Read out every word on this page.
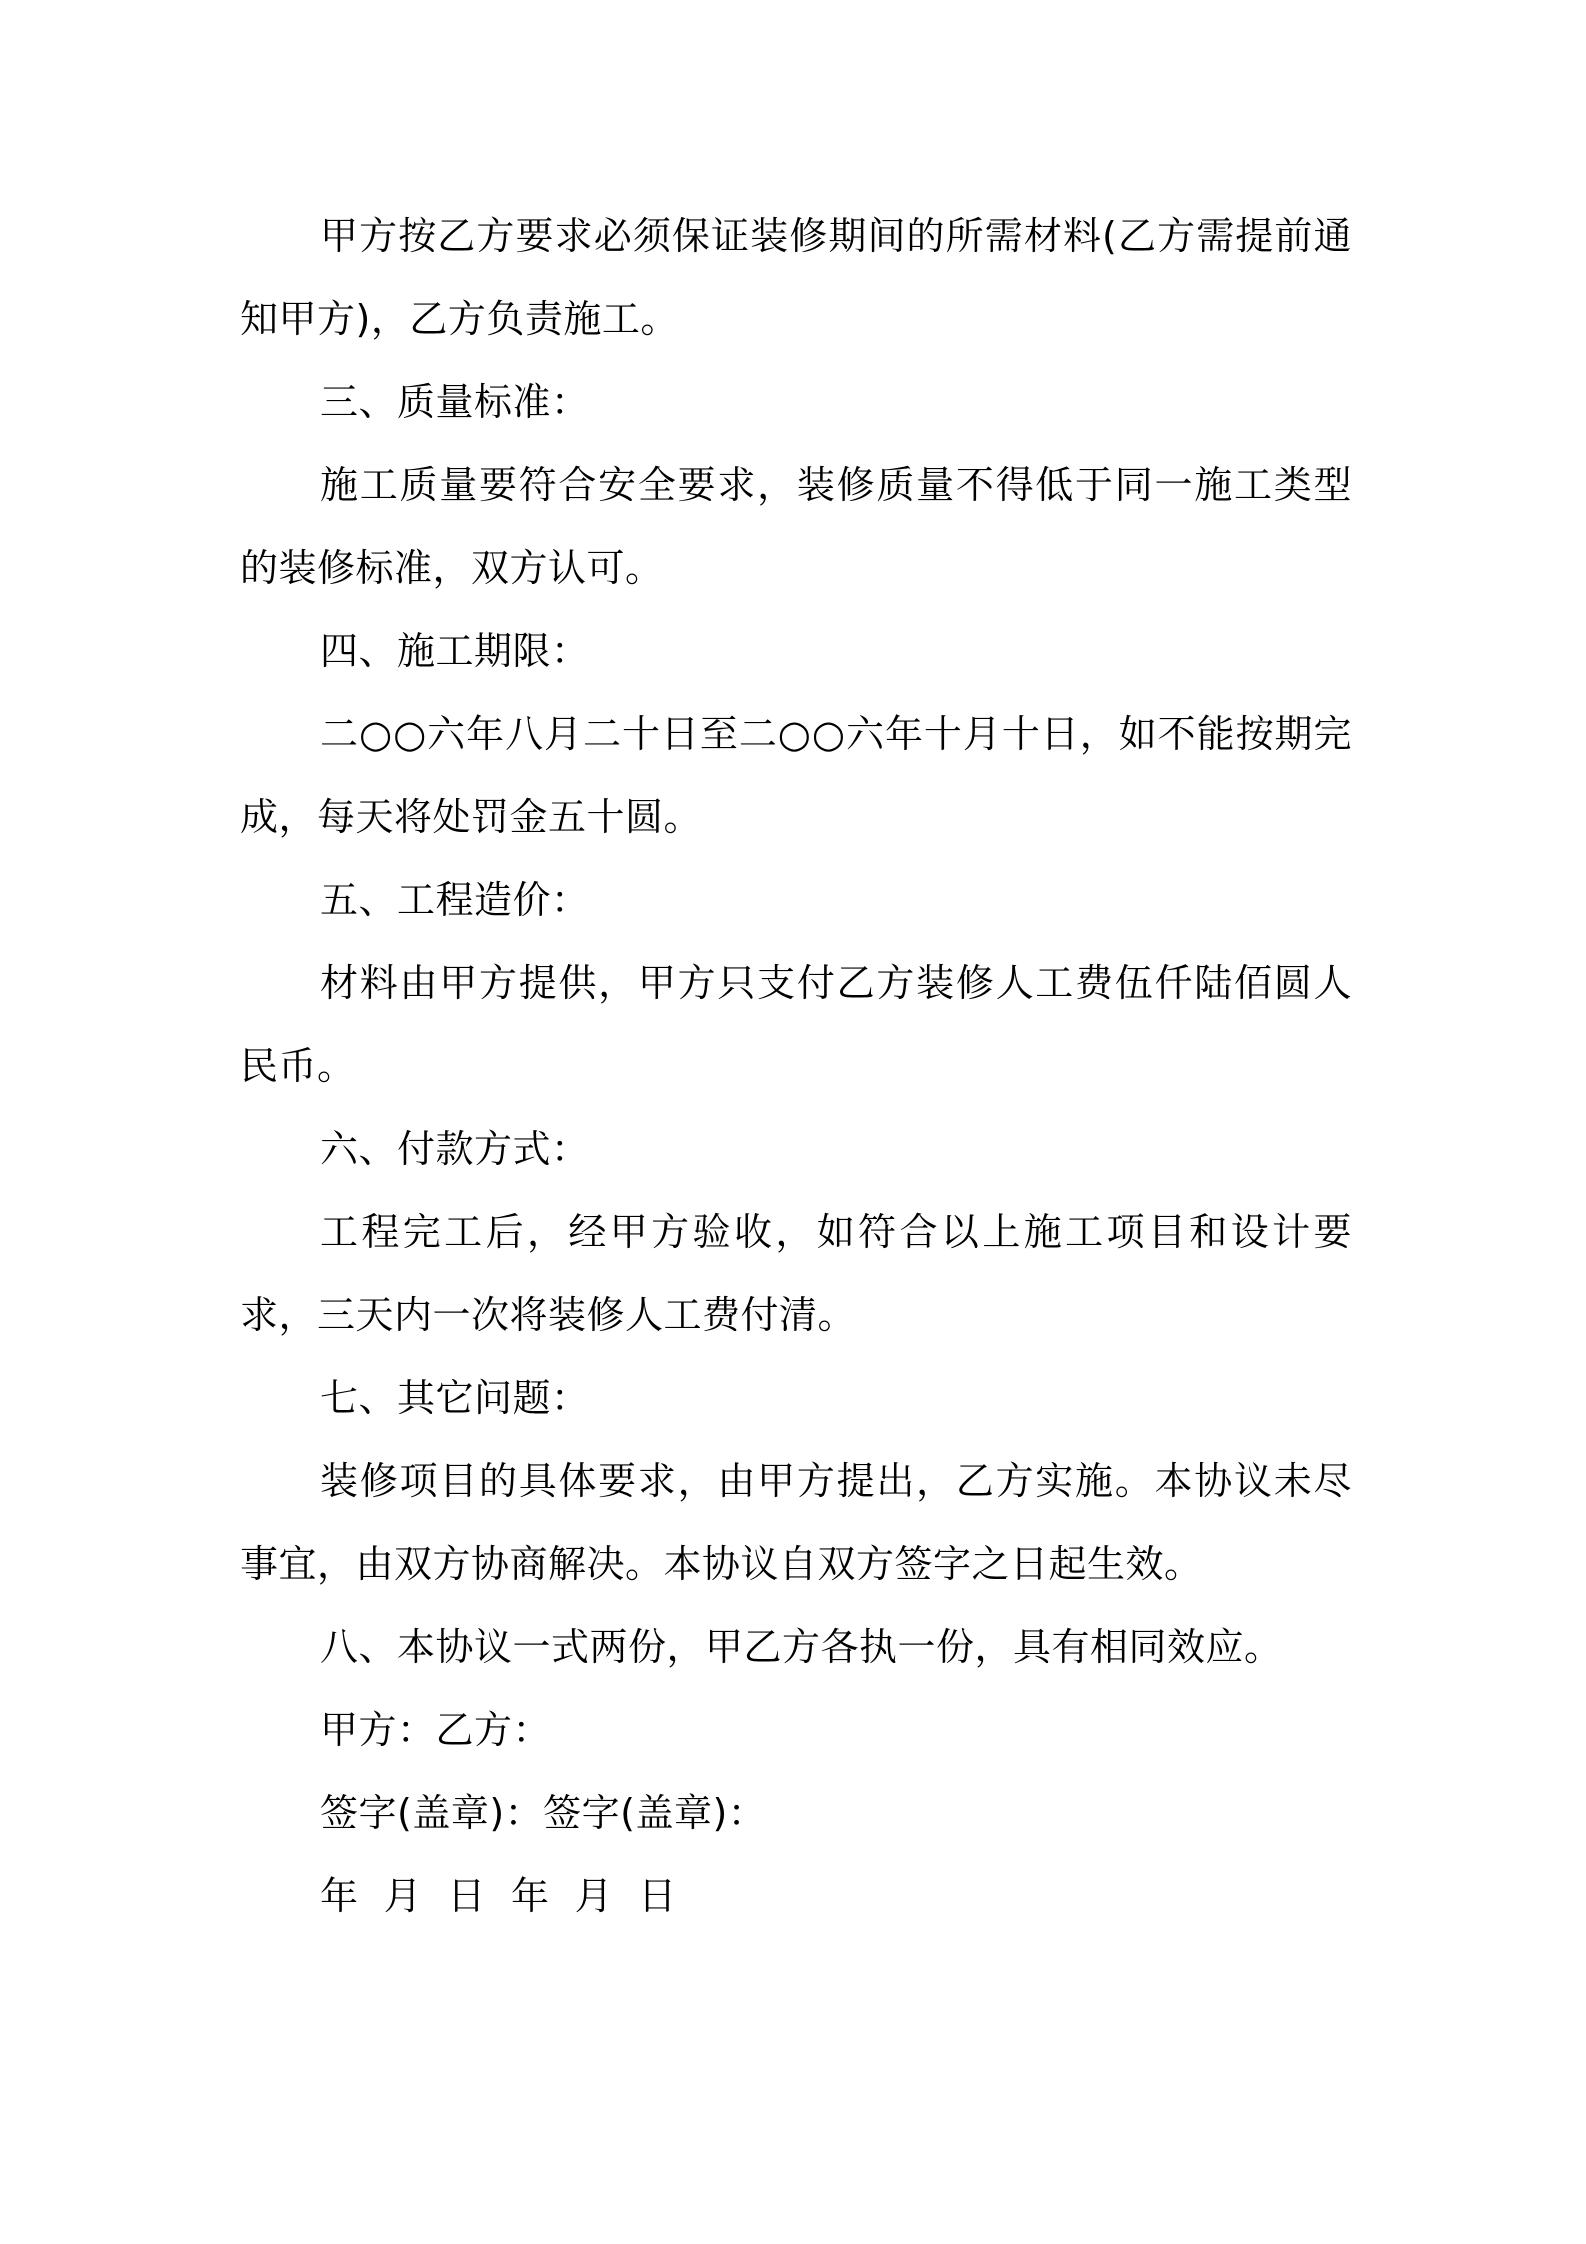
甲方按乙方要求必须保证装修期间的所需材料(乙方需提前通知甲方)，乙方负责施工。

三、质量标准：

施工质量要符合安全要求，装修质量不得低于同一施工类型的装修标准，双方认可。

四、施工期限：

二○○六年八月二十日至二○○六年十月十日，如不能按期完成，每天将处罚金五十圆。

五、工程造价：

材料由甲方提供，甲方只支付乙方装修人工费伍仟陆佰圆人民币。

六、付款方式：

工程完工后，经甲方验收，如符合以上施工项目和设计要求，三天内一次将装修人工费付清。

七、其它问题：

装修项目的具体要求，由甲方提出，乙方实施。本协议未尽事宜，由双方协商解决。本协议自双方签字之日起生效。

八、本协议一式两份，甲乙方各执一份，具有相同效应。

甲方：乙方：

签字(盖章)：签字(盖章)：

年  月  日  年  月  日
